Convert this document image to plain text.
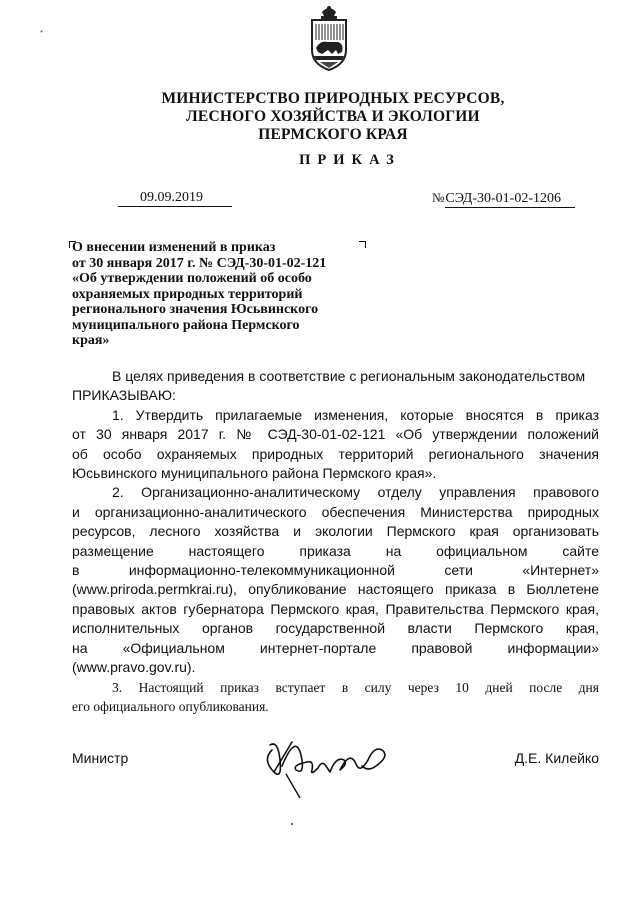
МИНИСТЕРСТВО ПРИРОДНЫХ РЕСУРСОВ,
ЛЕСНОГО ХОЗЯЙСТВА И ЭКОЛОГИИ
ПЕРМСКОГО КРАЯ
ПРИКАЗ
09.09.2019	№СЭД-30-01-02-1206
О внесении изменений в приказ
от 30 января 2017 г. № СЭД-30-01-02-121
«Об утверждении положений об особо
охраняемых природных территорий
регионального значения Юсьвинского
муниципального района Пермского
края»
В целях приведения в соответствие с региональным законодательством
ПРИКАЗЫВАЮ:
1. Утвердить прилагаемые изменения, которые вносятся в приказ
от 30 января 2017 г. № СЭД-30-01-02-121 «Об утверждении положений
об особо охраняемых природных территорий регионального значения
Юсьвинского муниципального района Пермского края».
2. Организационно-аналитическому отделу управления правового
и организационно-аналитического обеспечения Министерства природных
ресурсов, лесного хозяйства и экологии Пермского края организовать
размещение настоящего приказа на официальном сайте
в информационно-телекоммуникационной сети «Интернет»
(www.priroda.permkrai.ru), опубликование настоящего приказа в Бюллетене
правовых актов губернатора Пермского края, Правительства Пермского края,
исполнительных органов государственной власти Пермского края,
на «Официальном интернет-портале правовой информации»
(www.pravo.gov.ru).
3. Настоящий приказ вступает в силу через 10 дней после дня
его официального опубликования.
Министр	Д.Е. Килейко
